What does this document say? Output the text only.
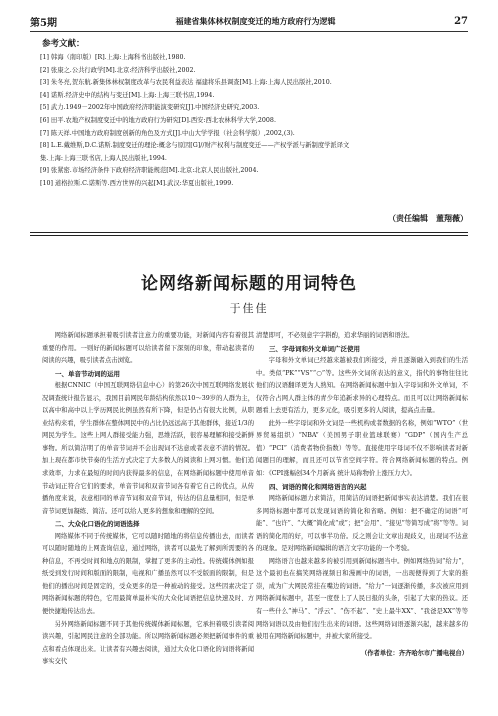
第5期	福建省集体林权制度变迁的地方政府行为逻辑	27
参考文献：
[1] 韩海（南印版）[R].上海:上海科书出版社,1980.
[2] 张康之.公共行政学[M].北京:经济科学出版社,2002.
[3] 朱冬亮,贺东航.新集体林权制度改革与农民利益表达 福建将乐县调查[M].上海:上海人民出版社,2010.
[4] 诺斯.经济史中的结构与变迁[M].上海:上海三联书店,1994.
[5] 武力.1949－2002年中国政府经济职能演变研究[J].中国经济史研究,2003.
[6] 田平.农地产权制度变迁中的地方政府行为研究[D].西安:西北农林科学大学,2008.
[7] 陈天祥.中国地方政府制度创新的角色及方式[J].中山大学学报（社会科学版）,2002,(3).
[8] L.E.戴维斯,D.C.诺斯.制度变迁的理论:概念与原因[G]//财产权利与制度变迁——产权学派与新制度学派译文
集.上海:上海三联书店,上海人民出版社,1994.
[9] 张紧密.市场经济条件下政府经济职能规范[M].北京:北京人民出版社,2004.
[10] 道格拉斯.C.诺斯等.西方世界的兴起[M].武汉:华夏出版社,1999.
（责任编辑　董翔薇）
论网络新闻标题的用词特色
于佳佳

网络新闻标题承担着吸引读者注意力的重要功能，对新闻内容有着很其重要的作用。一则好的新闻标题可以给读者留下深刻的印象，带动起读者的阅读的兴趣，吸引读者点击浏览。

一、单音节动词的运用

根据CNNIC（中国互联网络信息中心）的第26次中国互联网络发展状况调查统计报告显示，我国目前网民年龄结构依然以10～39岁的人群为主，以高中和高中以上学历网民比例虽然有所下降，但是仍占有很大比例，从职业结构来看，学生群体在整体网民中的占比仍远远高于其他群体，接近1/3的网民为学生。这些上网人群接受能力强，思维活跃，很容易理解和接受新鲜事物。所以简洁明了的单音节词并不会出现词不达意或者表意不清的情况。加上现在都市快节奏的生活方式决定了大多数人的阅读和上网习惯。他们追求效率，力求在最短的时间内获得最多的信息，在网络新闻标题中使用单音节动词正符合它们的要求，单音节词和双音节词各有着它自己的优点，从传播角度来说，表意相同的单音节词和双音节词，传达的信息量相同，但是单音节词更加凝练、简洁。还可以给人更多的想象和理解的空间。

二、大众化口语化的词语选择

网络媒体不同于传统媒体，它可以随时随地的将信息传播出去，而读者可以随时随地的上网查询信息，通过网络，读者可以最先了解到所需要的各种信息，不再受时间和地点的限制，掌握了更多的主动性。传统媒体例如报纸受到发行时间和版面的限制，电视和广播虽然可以不受版面的限制，但是他们的播出时间是固定的，受众更多的是一种被动的接受。这些因素决定了网络新闻标题的特色，它用最简单最朴实的大众化词语把信息快速及时、方便快捷地传达出去。

另外网络新闻标题不同于其他传统媒体新闻标题，它承担着吸引读者阅读兴趣，引起网民注意的全部功能。所以网络新闻标题必须把新闻事件的重点和看点体现出来。让读者有兴趣去阅读，通过大众化口语化的词语将新闻事实交代

清楚即可，不必刻意字字斟酌，追求华丽的词语和语法。

三、字母词和外文单词广泛使用

字母和外文单词已经越来越被我们所接受，并且逐渐融入到我们的生活中。类似“PK”“VS”“○”等。这些外文词所表达的意义，指代的事物往往比他们的汉语翻译更为人熟知。在网络新闻标题中加入字母词和外文单词，不仅符合占网人群主体的青少年追新求异的心理特点。而且可以让网络新闻标题看上去更有活力，更多元化，吸引更多的人阅读，提高点击量。

此外一些字母词和外文词是一些机构或者数据的名称，例如“WTO”（世界贸易组织）“NBA”（美国男子职业篮球联赛）“GDP”（国内生产总值）“PCI”（消费者物价指数）等等。直接使用字母词不仅不影响读者对新闻题目的理解，而且还可以节省空间字符。符合网络新闻标题的特点。例如：《CPI涨幅创34个月新高 统计局称物价上涨压力大》。

四、词语的简化和网络语言的兴起

网络新闻标题力求简洁，用简洁的词语把新闻事实表达清楚。我们在很多网络标题中都可以发现词语的简化和省略。例如：把不确定的词语“可能”、“也许”、“大概”简化成“或”；把“会用”、“接见”等简写成“将”等等。词语的简化用的好，可以事半功倍。反之则会让文章出现歧义，出现词不达意的现象。是对网络新闻编辑的语言文字功能的一个考验。

网络语言也越来越多的被引用到新闻标题当中。例如网络热词“给力”，这个最初也在搞笑网络视频日和漫画中的词语，一出现便得到了大家的推崇，成为广大网民常挂在嘴边的词语。“给力”一词逐渐传播，多次被应用到网络新闻标题中，甚至一度登上了人民日报的头条，引起了大家的热议。还有一些什么“神马”、“浮云”、“伤不起”、“史上最牛XX”、“我爸是XX”等等网络词语以及由他们衍生出来的词语。这些网络词语逐渐兴起，越来越多的被用在网络新闻标题中，并被大家所接受。

（作者单位：齐齐哈尔市广播电视台）
